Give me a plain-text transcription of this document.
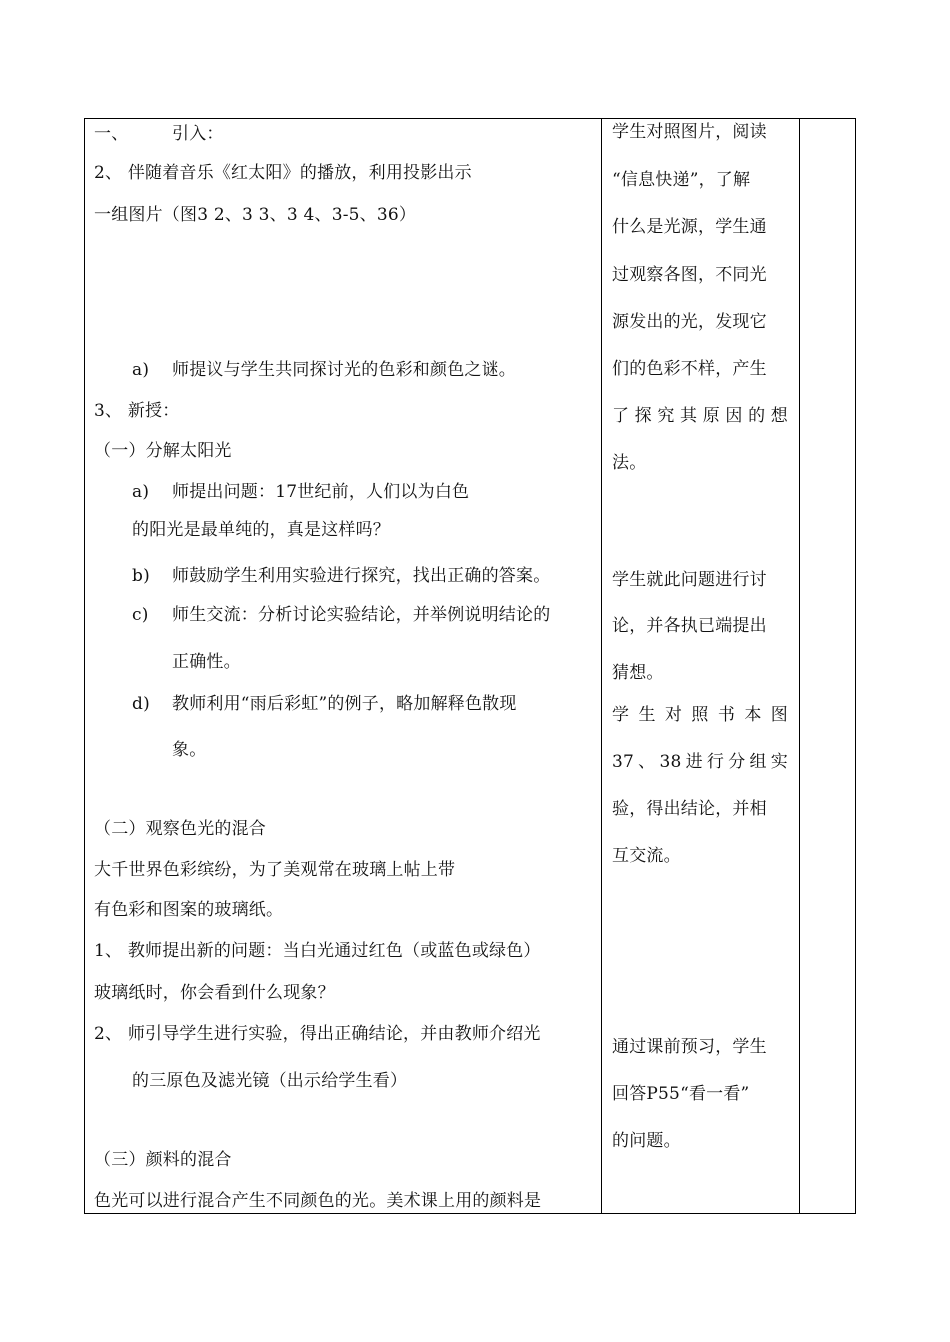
一、	引入：
2、 伴随着音乐《红太阳》的播放，利用投影出示
一组图片（图3 2、3 3、3 4、3-5、36）
a) 师提议与学生共同探讨光的色彩和颜色之谜。
3、 新授：
（一）分解太阳光
a) 师提出问题：17世纪前，人们以为白色
的阳光是最单纯的，真是这样吗？
b) 师鼓励学生利用实验进行探究，找出正确的答案。
c) 师生交流：分析讨论实验结论，并举例说明结论的
正确性。
d) 教师利用“雨后彩虹”的例子，略加解释色散现
象。
（二）观察色光的混合
大千世界色彩缤纷，为了美观常在玻璃上帖上带
有色彩和图案的玻璃纸。
1、 教师提出新的问题：当白光通过红色（或蓝色或绿色）
玻璃纸时，你会看到什么现象？
2、 师引导学生进行实验，得出正确结论，并由教师介绍光
的三原色及滤光镜（出示给学生看）
（三）颜料的混合
色光可以进行混合产生不同颜色的光。美术课上用的颜料是
学生对照图片，阅读
“信息快递”，了解
什么是光源，学生通
过观察各图，不同光
源发出的光，发现它
们的色彩不样，产生
了探究其原因的想
法。
学生就此问题进行讨
论，并各执已端提出
猜想。
学生对照书本图
37、38进行分组实
验，得出结论，并相
互交流。
通过课前预习，学生
回答P55“看一看”
的问题。
